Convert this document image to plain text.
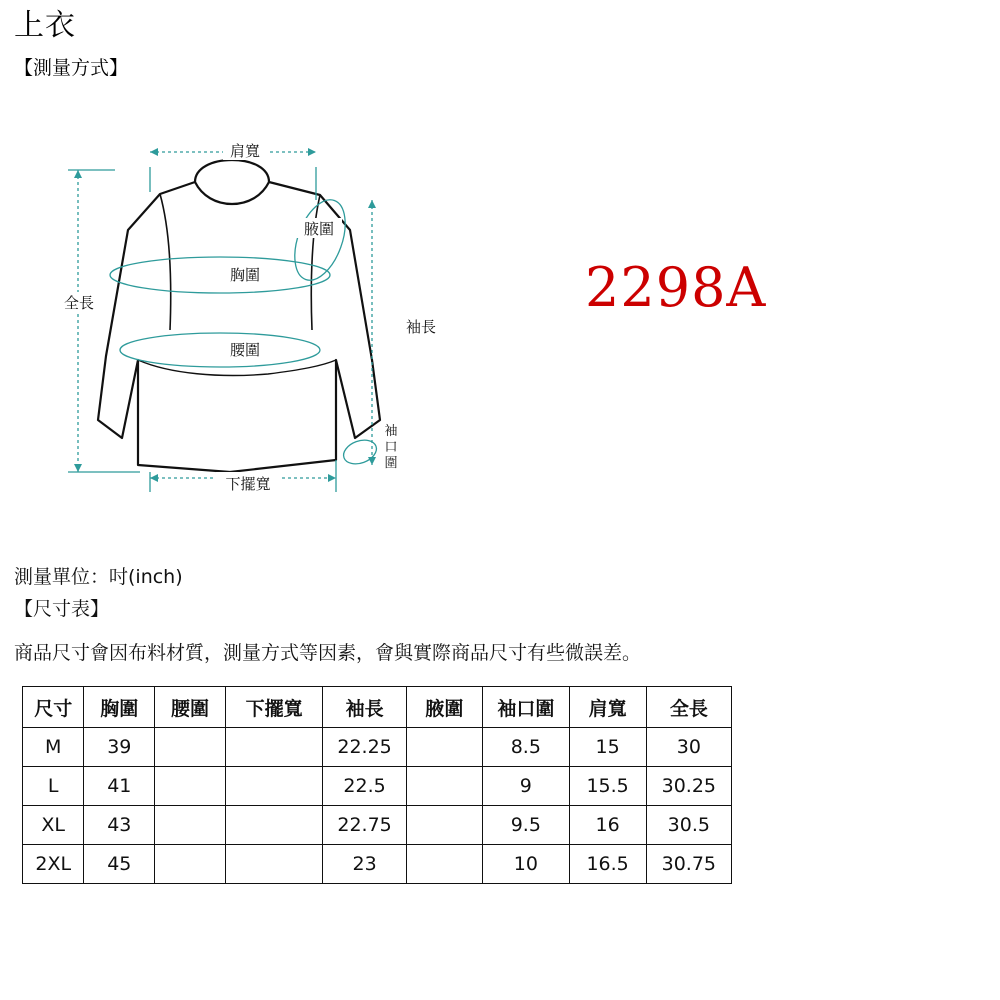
上衣
【測量方式】
2298A
肩寬
全長
腋圍
胸圍
腰圍
袖長
下擺寬
袖
口
圍
測量單位：吋(inch)
【尺寸表】
商品尺寸會因布料材質，測量方式等因素，會與實際商品尺寸有些微誤差。
尺寸	胸圍	腰圍	下擺寬	袖長	腋圍	袖口圍	肩寬	全長
M	39			22.25		8.5	15	30
L	41			22.5		9	15.5	30.25
XL	43			22.75		9.5	16	30.5
2XL	45			23		10	16.5	30.75
